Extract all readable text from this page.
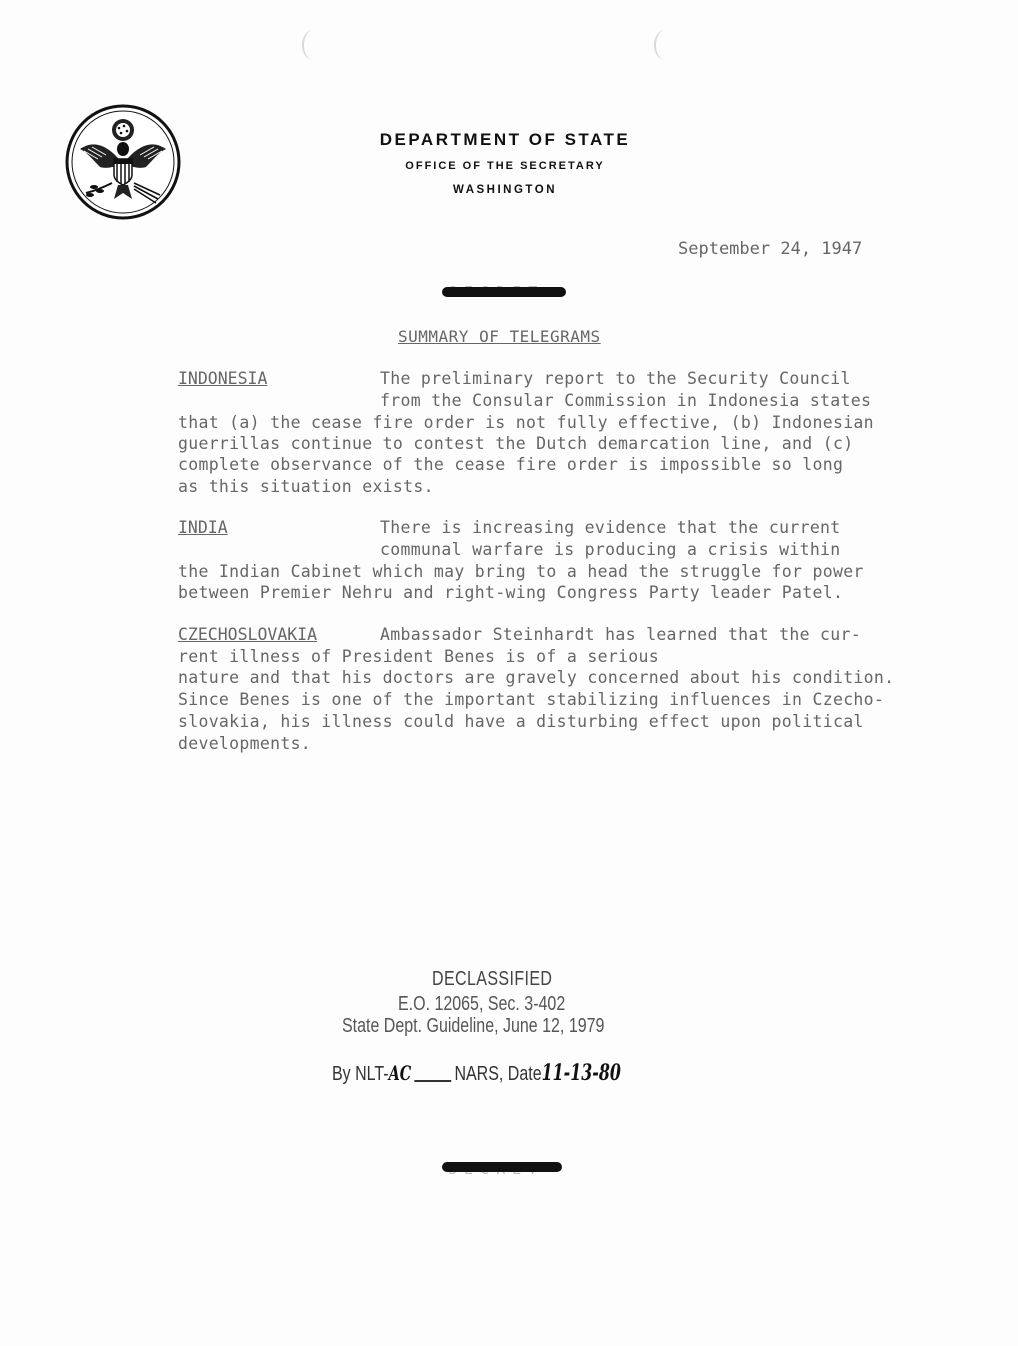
DEPARTMENT OF STATE
OFFICE OF THE SECRETARY
WASHINGTON
September 24, 1947
SUMMARY OF TELEGRAMS
INDONESIA	The preliminary report to the Security Council
from the Consular Commission in Indonesia states
that (a) the cease fire order is not fully effective, (b) Indonesian
guerrillas continue to contest the Dutch demarcation line, and (c)
complete observance of the cease fire order is impossible so long
as this situation exists.
INDIA	There is increasing evidence that the current
communal warfare is producing a crisis within
the Indian Cabinet which may bring to a head the struggle for power
between Premier Nehru and right-wing Congress Party leader Patel.
CZECHOSLOVAKIA	Ambassador Steinhardt has learned that the cur-
rent illness of President Benes is of a serious
nature and that his doctors are gravely concerned about his condition.
Since Benes is one of the important stabilizing influences in Czecho-
slovakia, his illness could have a disturbing effect upon political
developments.
DECLASSIFIED
E.O. 12065, Sec. 3-402
State Dept. Guideline, June 12, 1979
By NLT-AC NARS, Date11-13-80
